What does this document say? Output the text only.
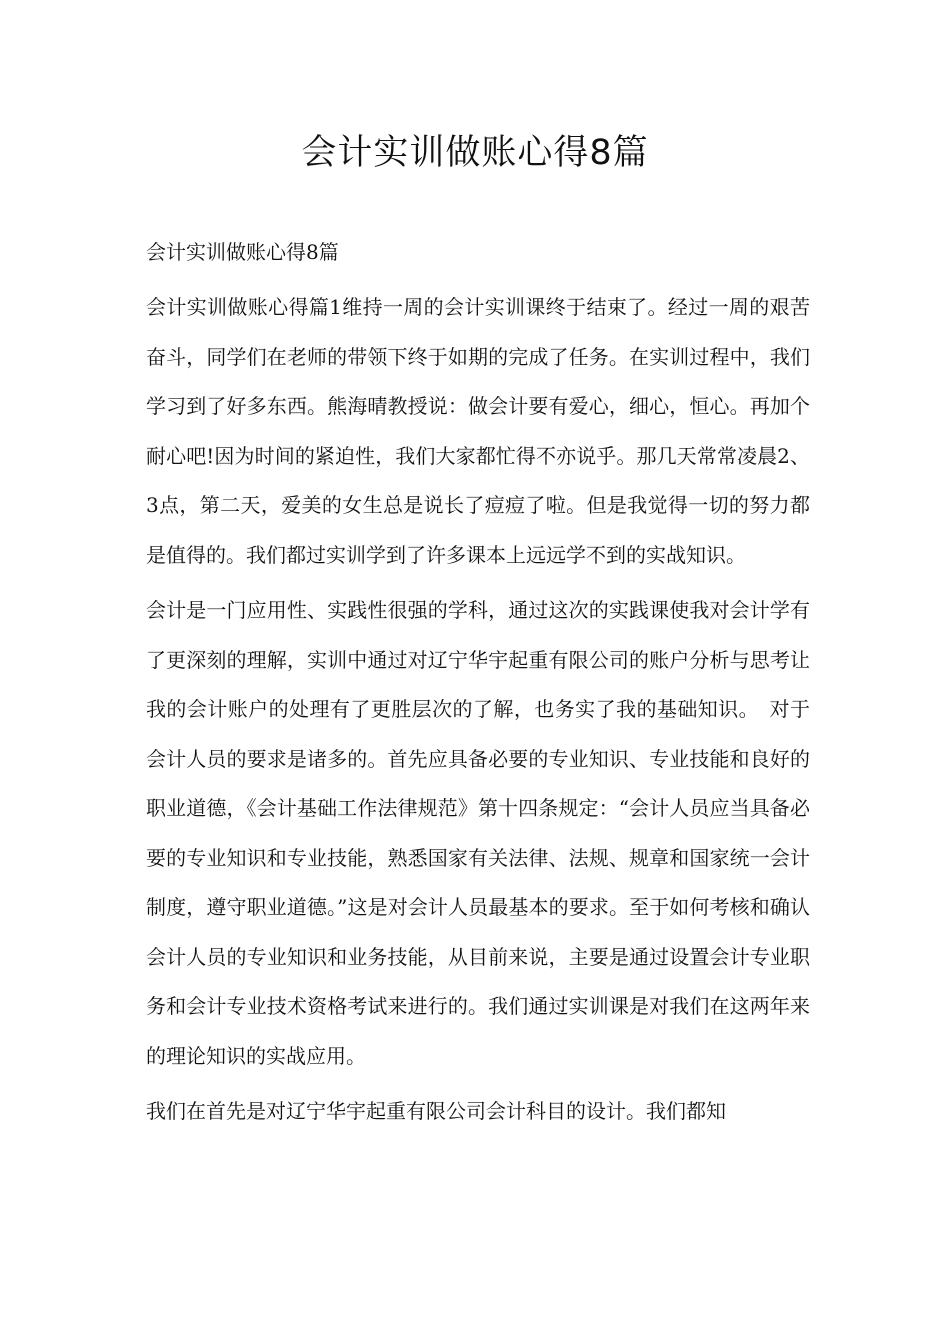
会计实训做账心得8篇

会计实训做账心得8篇

会计实训做账心得篇1维持一周的会计实训课终于结束了。经过一周的艰苦奋斗，同学们在老师的带领下终于如期的完成了任务。在实训过程中，我们学习到了好多东西。熊海晴教授说：做会计要有爱心，细心，恒心。再加个耐心吧!因为时间的紧迫性，我们大家都忙得不亦说乎。那几天常常凌晨2、3点，第二天，爱美的女生总是说长了痘痘了啦。但是我觉得一切的努力都是值得的。我们都过实训学到了许多课本上远远学不到的实战知识。

会计是一门应用性、实践性很强的学科，通过这次的实践课使我对会计学有了更深刻的理解，实训中通过对辽宁华宇起重有限公司的账户分析与思考让我的会计账户的处理有了更胜层次的了解，也务实了我的基础知识。　对于会计人员的要求是诸多的。首先应具备必要的专业知识、专业技能和良好的职业道德，《会计基础工作法律规范》第十四条规定：“会计人员应当具备必要的专业知识和专业技能，熟悉国家有关法律、法规、规章和国家统一会计制度，遵守职业道德。”这是对会计人员最基本的要求。至于如何考核和确认会计人员的专业知识和业务技能，从目前来说，主要是通过设置会计专业职务和会计专业技术资格考试来进行的。我们通过实训课是对我们在这两年来的理论知识的实战应用。

我们在首先是对辽宁华宇起重有限公司会计科目的设计。我们都知
